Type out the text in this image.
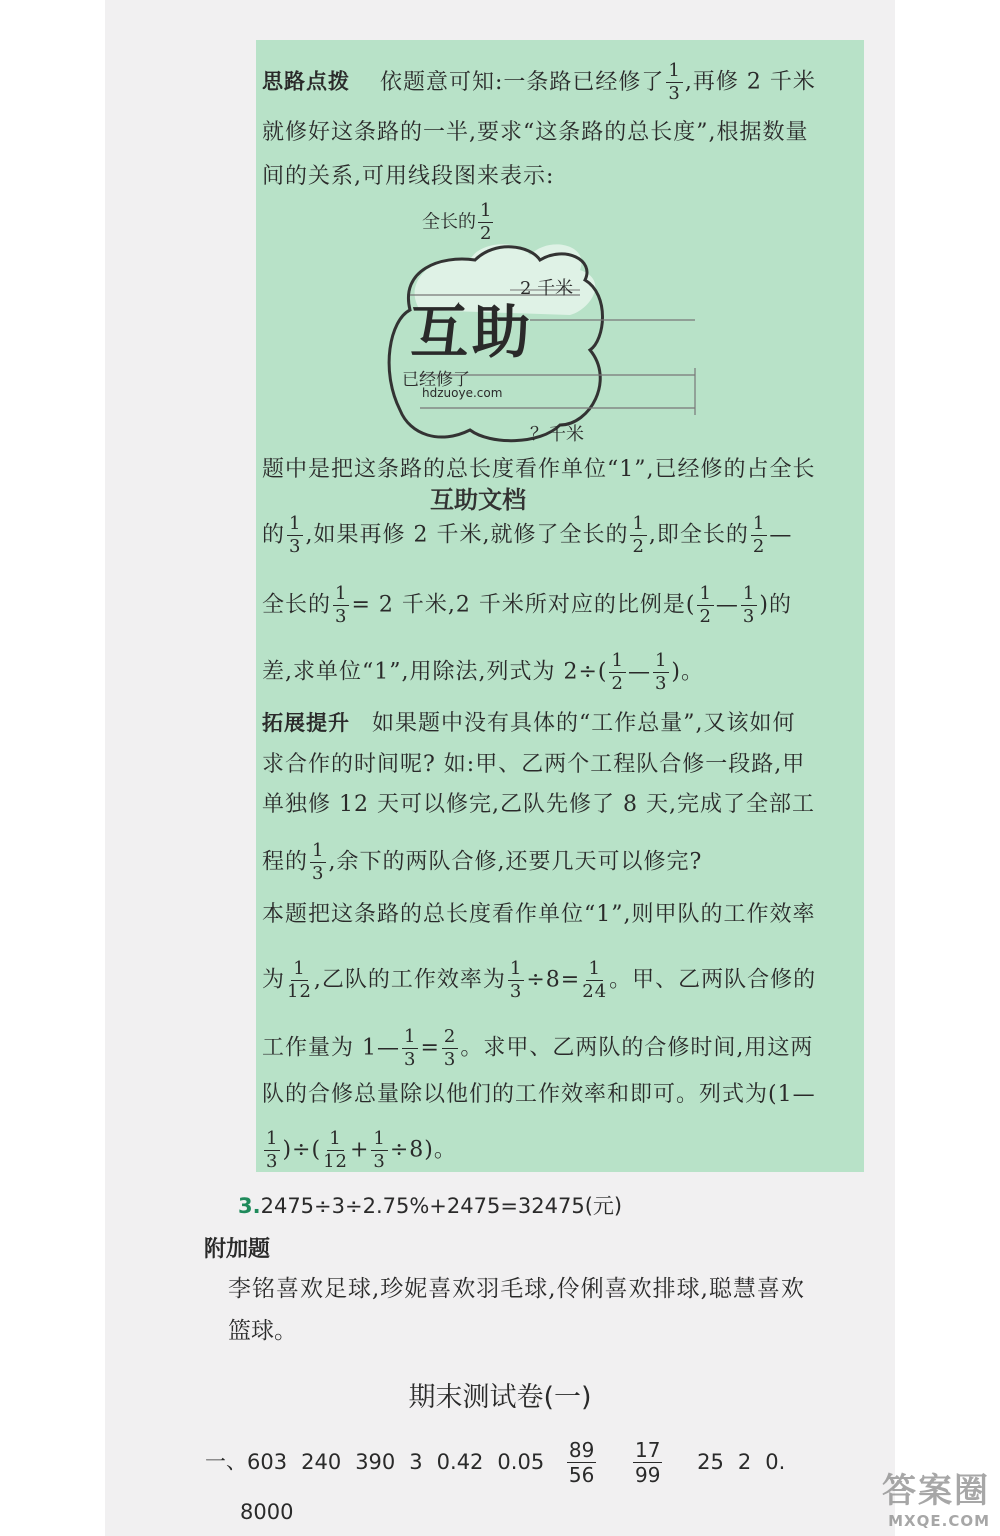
思路点拨 依题意可知:一条路已经修了 $\frac{1}{3}$ ,再修 2 千米
就修好这条路的一半,要求“这条路的总长度”,根据数量
间的关系,可用线段图来表示:
全长的 $\frac{1}{2}$
2 千米
互助
已经修了
hdzuoye.com
？千米
题中是把这条路的总长度看作单位“1”,已经修的占全长
互助文档
的 $\frac{1}{3}$ ,如果再修 2 千米,就修了全长的 $\frac{1}{2}$ ,即全长的 $\frac{1}{2}$ —
全长的 $\frac{1}{3} = 2$ 千米,2 千米所对应的比例是( $\frac{1}{2}$ — $\frac{1}{3}$ )的
差,求单位“1”,用除法,列式为 $2\div( \frac{1}{2}$ — $\frac{1}{3}$ )。
拓展提升 如果题中没有具体的“工作总量”,又该如何
求合作的时间呢? 如:甲、乙两个工程队合修一段路,甲
单独修 12 天可以修完,乙队先修了 8 天,完成了全部工
程的 $\frac{1}{3}$ ,余下的两队合修,还要几天可以修完?
本题把这条路的总长度看作单位“1”,则甲队的工作效率
为 $\frac{1}{12}$ ,乙队的工作效率为 $\frac{1}{3} \div 8= \frac{1}{24}$ 。甲、乙两队合修的
工作量为 1— $\frac{1}{3} = \frac{2}{3}$ 。求甲、乙两队的合修时间,用这两
队的合修总量除以他们的工作效率和即可。列式为(1—
$\frac{1}{3}$ )÷( $\frac{1}{12} + \frac{1}{3} \div 8$)。
3.2475÷3÷2.75%+2475=32475(元)
附加题
李铭喜欢足球,珍妮喜欢羽毛球,伶俐喜欢排球,聪慧喜欢
篮球。
期末测试卷(一)
一、603 240 390 3 0.42 $0.05 \frac{89}{56}$
$\frac{17}{99} 25$ 2 0.
8000
答案圈
MXQE.COM
